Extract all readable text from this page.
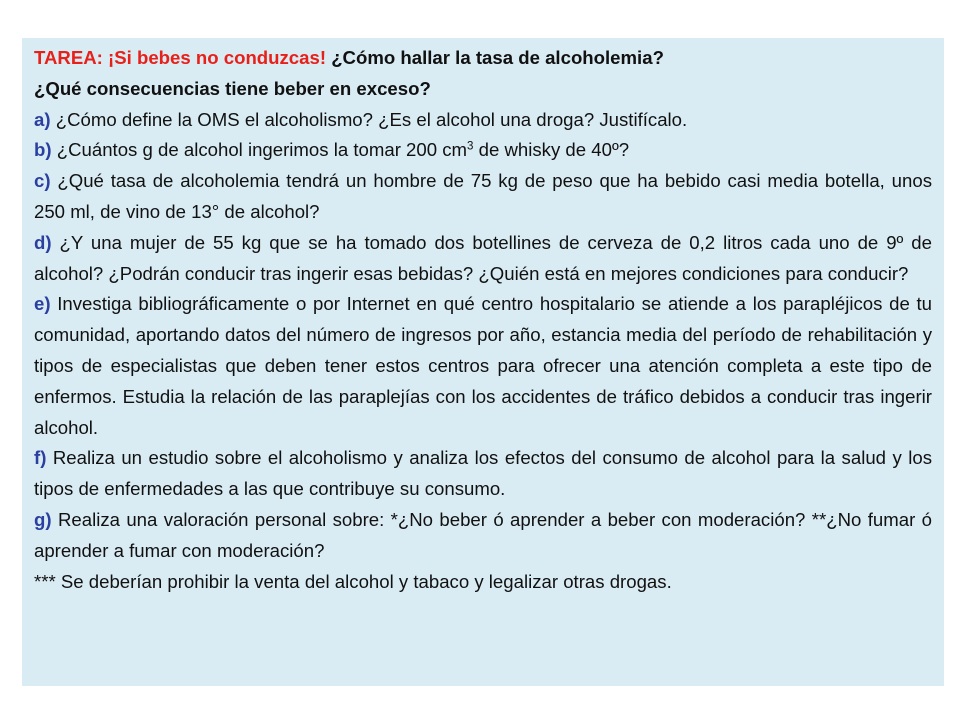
TAREA: ¡Si bebes no conduzcas! ¿Cómo hallar la tasa de alcoholemia?

¿Qué consecuencias tiene beber en exceso?

a) ¿Cómo define la OMS el alcoholismo? ¿Es el alcohol una droga? Justifícalo.

b) ¿Cuántos g de alcohol ingerimos la tomar 200 $cm^3$ de whisky de 40º?

c) ¿Qué tasa de alcoholemia tendrá un hombre de 75 kg de peso que ha bebido casi media botella, unos 250 ml, de vino de 13° de alcohol?

d) ¿Y una mujer de 55 kg que se ha tomado dos botellines de cerveza de 0,2 litros cada uno de 9º de alcohol? ¿Podrán conducir tras ingerir esas bebidas? ¿Quién está en mejores condiciones para conducir?

e) Investiga bibliográficamente o por Internet en qué centro hospitalario se atiende a los parapléjicos de tu comunidad, aportando datos del número de ingresos por año, estancia media del período de rehabilitación y tipos de especialistas que deben tener estos centros para ofrecer una atención completa a este tipo de enfermos. Estudia la relación de las paraplejías con los accidentes de tráfico debidos a conducir tras ingerir alcohol.

f) Realiza un estudio sobre el alcoholismo y analiza los efectos del consumo de alcohol para la salud y los tipos de enfermedades a las que contribuye su consumo.

g) Realiza una valoración personal sobre: *¿No beber ó aprender a beber con moderación? **¿No fumar ó aprender a fumar con moderación?

*** Se deberían prohibir la venta del alcohol y tabaco y legalizar otras drogas.
